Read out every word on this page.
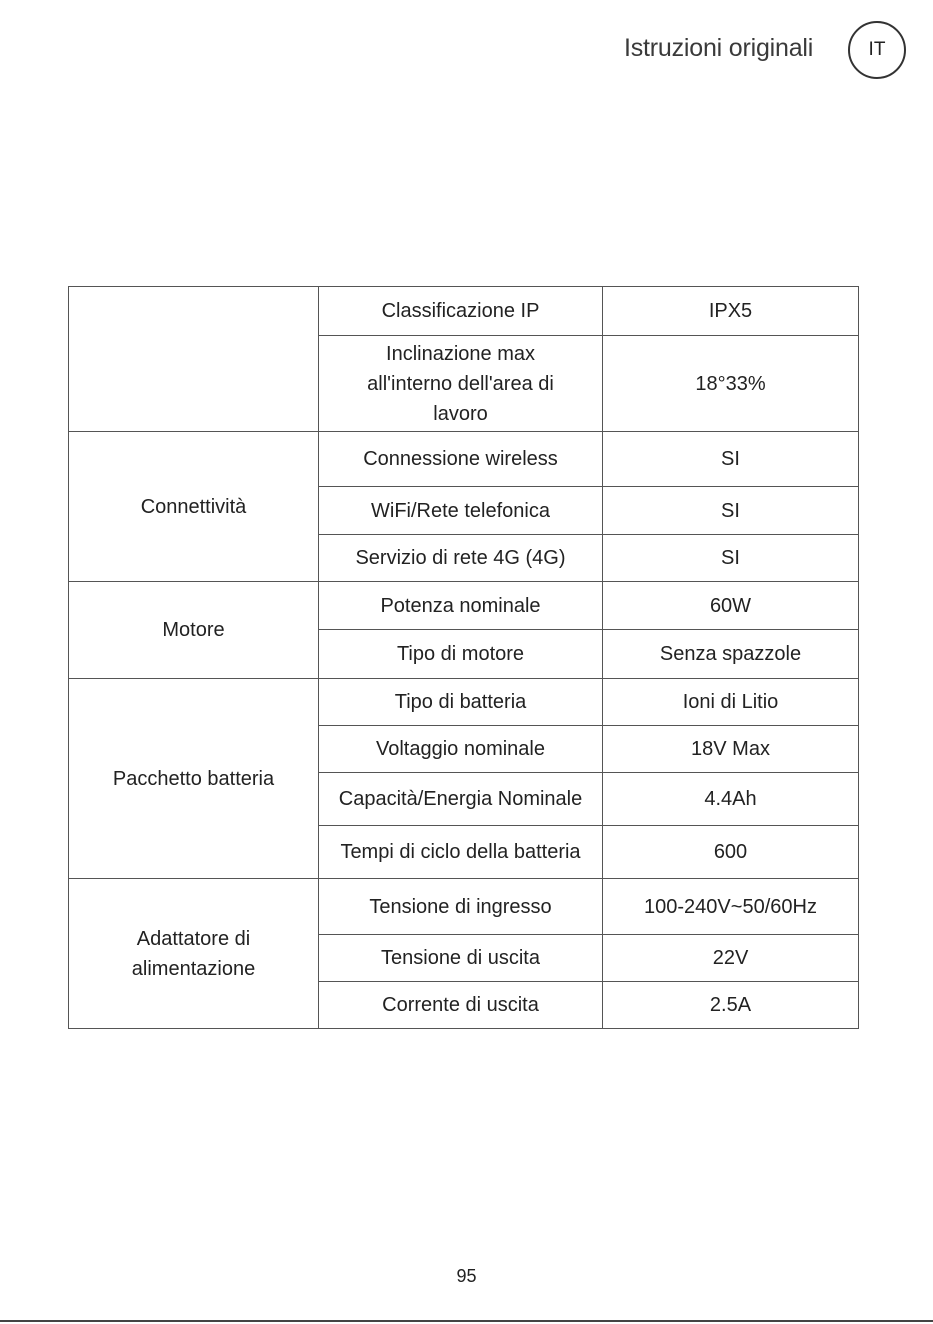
Istruzioni originali	IT
	Classificazione IP	IPX5
	Inclinazione max all'interno dell'area di lavoro	18°33%
Connettività	Connessione wireless	SI
	WiFi/Rete telefonica	SI
	Servizio di rete 4G (4G)	SI
Motore	Potenza nominale	60W
	Tipo di motore	Senza spazzole
Pacchetto batteria	Tipo di batteria	Ioni di Litio
	Voltaggio nominale	18V Max
	Capacità/Energia Nominale	4.4Ah
	Tempi di ciclo della batteria	600
Adattatore di alimentazione	Tensione di ingresso	100-240V~50/60Hz
	Tensione di uscita	22V
	Corrente di uscita	2.5A
95
